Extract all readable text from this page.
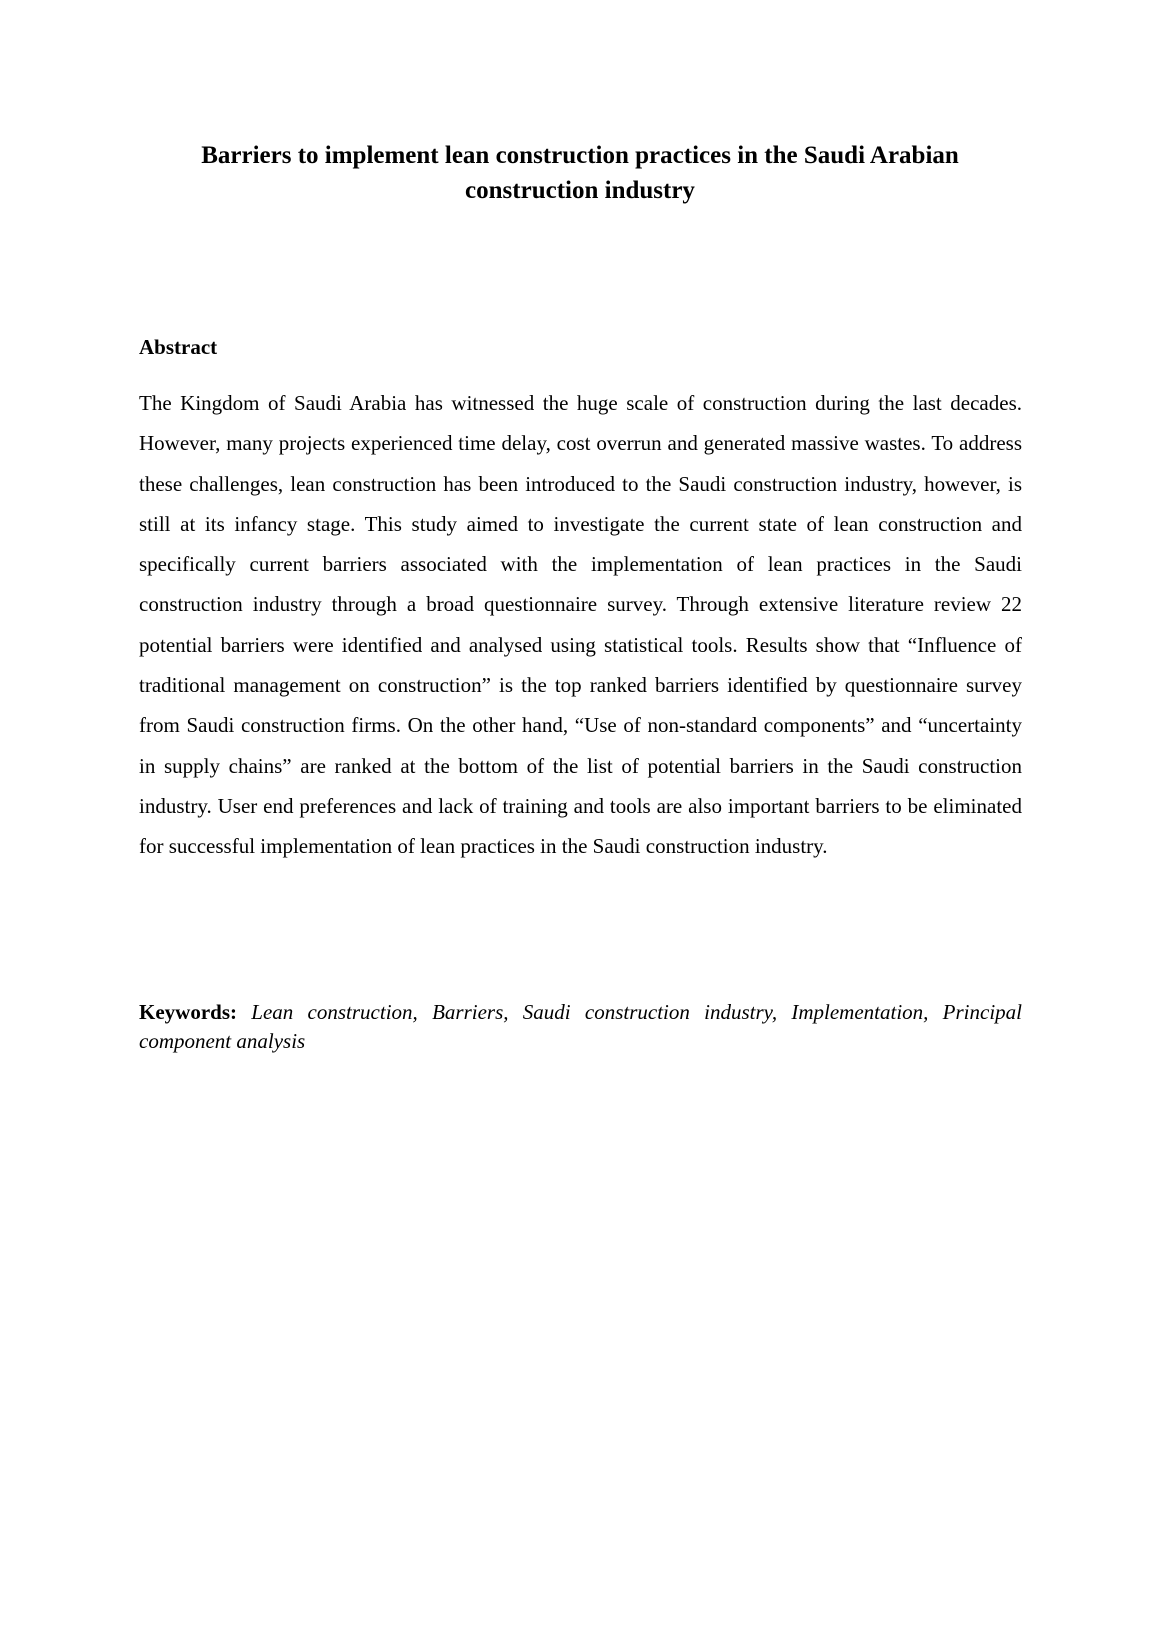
Barriers to implement lean construction practices in the Saudi Arabian construction industry
Abstract

The Kingdom of Saudi Arabia has witnessed the huge scale of construction during the last decades. However, many projects experienced time delay, cost overrun and generated massive wastes. To address these challenges, lean construction has been introduced to the Saudi construction industry, however, is still at its infancy stage. This study aimed to investigate the current state of lean construction and specifically current barriers associated with the implementation of lean practices in the Saudi construction industry through a broad questionnaire survey. Through extensive literature review 22 potential barriers were identified and analysed using statistical tools. Results show that “Influence of traditional management on construction” is the top ranked barriers identified by questionnaire survey from Saudi construction firms. On the other hand, “Use of non-standard components” and “uncertainty in supply chains” are ranked at the bottom of the list of potential barriers in the Saudi construction industry. User end preferences and lack of training and tools are also important barriers to be eliminated for successful implementation of lean practices in the Saudi construction industry.

Keywords: Lean construction, Barriers, Saudi construction industry, Implementation, Principal component analysis
